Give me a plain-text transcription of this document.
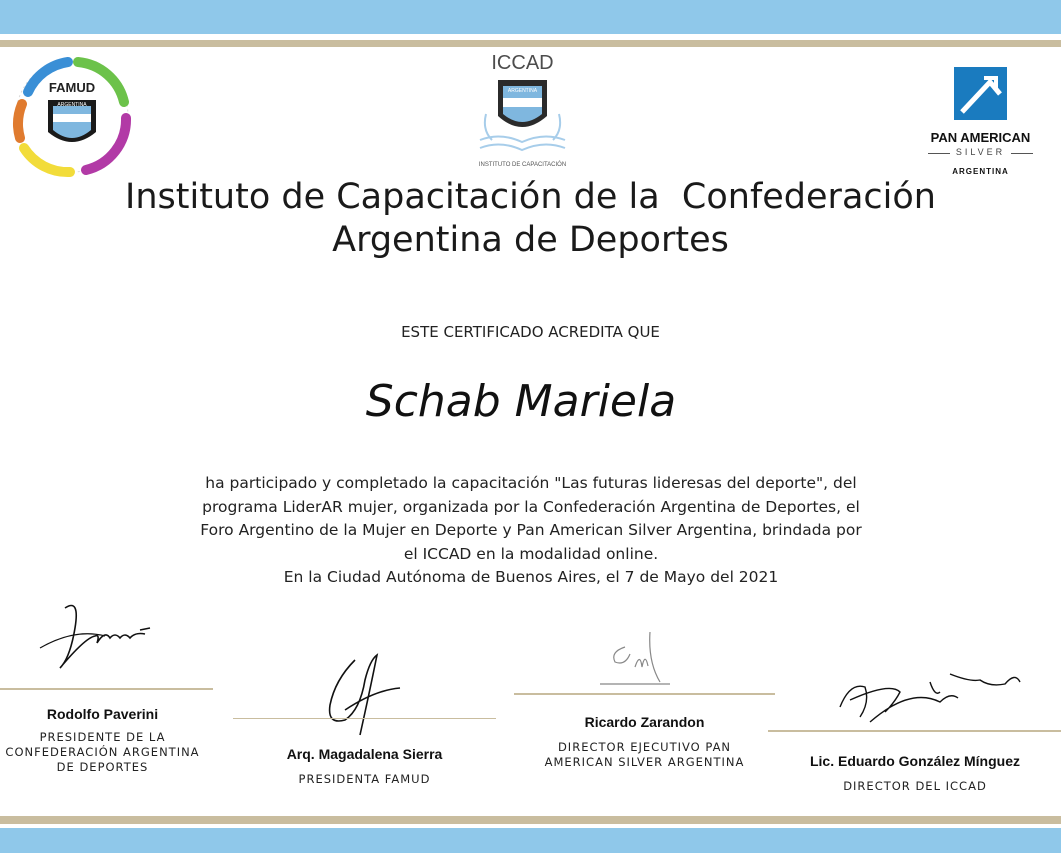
FAMUD
ARGENTINA
ICCAD
ARGENTINA
INSTITUTO DE CAPACITACIÓN
PAN AMERICAN
SILVER
ARGENTINA
Instituto de Capacitación de la  Confederación
Argentina de Deportes
ESTE CERTIFICADO ACREDITA QUE
Schab Mariela
ha participado y completado la capacitación "Las futuras lideresas del deporte", del
programa LiderAR mujer, organizada por la Confederación Argentina de Deportes, el
Foro Argentino de la Mujer en Deporte y Pan American Silver Argentina, brindada por
el ICCAD en la modalidad online.
En la Ciudad Autónoma de Buenos Aires, el 7 de Mayo del 2021
Rodolfo Paverini
PRESIDENTE DE LA
CONFEDERACIÓN ARGENTINA
DE DEPORTES
Arq. Magadalena Sierra
PRESIDENTA FAMUD
Ricardo Zarandon
DIRECTOR EJECUTIVO PAN
AMERICAN SILVER ARGENTINA	Lic. Eduardo González Mínguez
DIRECTOR DEL ICCAD
